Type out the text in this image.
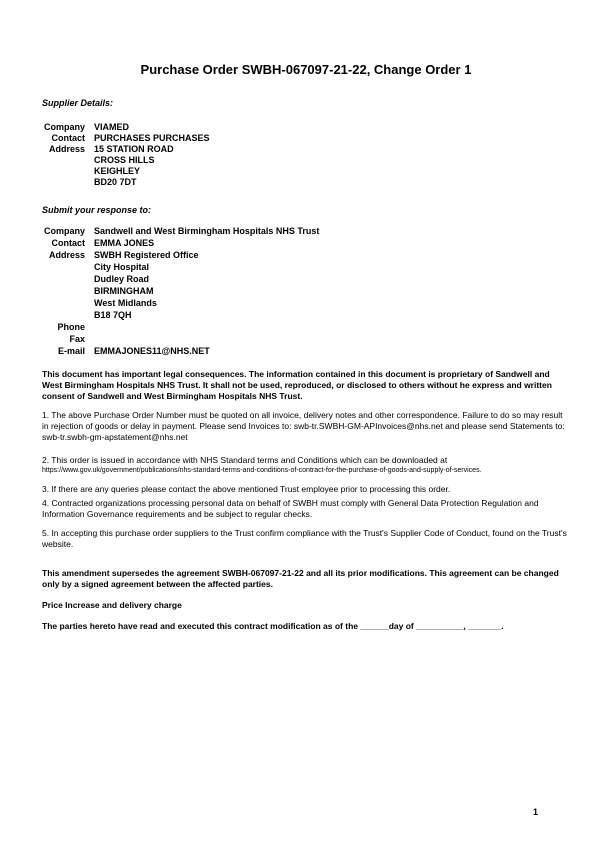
Purchase Order SWBH-067097-21-22, Change Order 1
Supplier Details:
Company VIAMED
Contact PURCHASES PURCHASES
Address 15 STATION ROAD
CROSS HILLS
KEIGHLEY
BD20 7DT
Submit your response to:
Company Sandwell and West Birmingham Hospitals NHS Trust
Contact EMMA JONES
Address SWBH Registered Office
City Hospital
Dudley Road
BIRMINGHAM
West Midlands
B18 7QH
Phone
Fax
E-mail EMMAJONES11@NHS.NET
This document has important legal consequences. The information contained in this document is proprietary of Sandwell and West Birmingham Hospitals NHS Trust. It shall not be used, reproduced, or disclosed to others without he express and written consent of Sandwell and West Birmingham Hospitals NHS Trust.
1. The above Purchase Order Number must be quoted on all invoice, delivery notes and other correspondence. Failure to do so may result in rejection of goods or delay in payment. Please send Invoices to: swb-tr.SWBH-GM-APInvoices@nhs.net and please send Statements to: swb-tr.swbh-gm-apstatement@nhs.net
2. This order is issued in accordance with NHS Standard terms and Conditions which can be downloaded at
https://www.gov.uk/government/publications/nhs-standard-terms-and-conditions-of-contract-for-the-purchase-of-goods-and-supply-of-services.
3. If there are any queries please contact the above mentioned Trust employee prior to processing this order.
4. Contracted organizations processing personal data on behalf of SWBH must comply with General Data Protection Regulation and Information Governance requirements and be subject to regular checks.
5. In accepting this purchase order suppliers to the Trust confirm compliance with the Trust's Supplier Code of Conduct, found on the Trust's website.
This amendment supersedes the agreement SWBH-067097-21-22 and all its prior modifications. This agreement can be changed only by a signed agreement between the affected parties.
Price Increase and delivery charge
The parties hereto have read and executed this contract modification as of the ______day of __________, _______.
1
